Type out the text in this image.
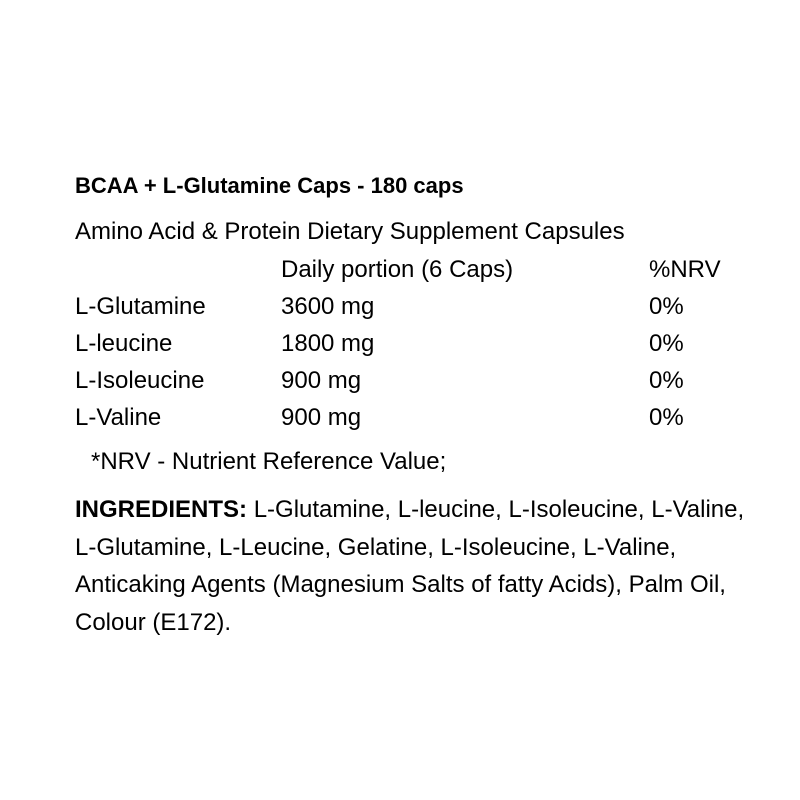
BCAA + L-Glutamine Caps - 180 caps
Amino Acid & Protein Dietary Supplement Capsules
	Daily portion (6 Caps)	%NRV
L-Glutamine	3600 mg	0%
L-leucine	1800 mg	0%
L-Isoleucine	900 mg	0%
L-Valine	900 mg	0%
*NRV - Nutrient Reference Value;
INGREDIENTS: L-Glutamine, L-leucine, L-Isoleucine, L-Valine, L-Glutamine, L-Leucine, Gelatine, L-Isoleucine, L-Valine, Anticaking Agents (Magnesium Salts of fatty Acids), Palm Oil, Colour (E172).
